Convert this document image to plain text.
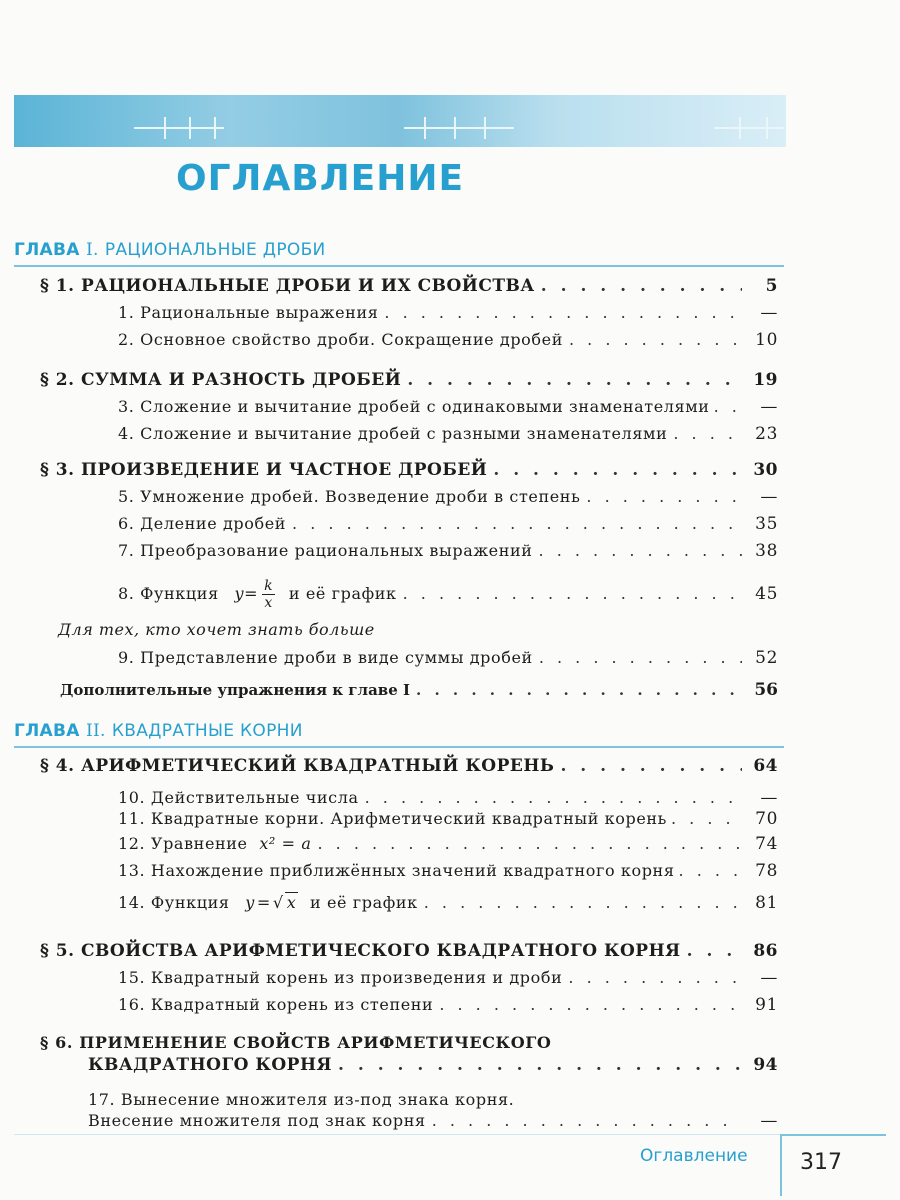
ОГЛАВЛЕНИЕ
ГЛАВА I. РАЦИОНАЛЬНЫЕ ДРОБИ
§ 1. РАЦИОНАЛЬНЫЕ ДРОБИ И ИХ СВОЙСТВА . . .	5
1. Рациональные выражения . . .	—
2. Основное свойство дроби. Сокращение дробей . . .	10
§ 2. СУММА И РАЗНОСТЬ ДРОБЕЙ . . .	19
3. Сложение и вычитание дробей с одинаковыми знаменателями . . .	—
4. Сложение и вычитание дробей с разными знаменателями . . .	23
§ 3. ПРОИЗВЕДЕНИЕ И ЧАСТНОЕ ДРОБЕЙ . . .	30
5. Умножение дробей. Возведение дроби в степень . . .	—
6. Деление дробей . . .	35
7. Преобразование рациональных выражений . . .	38
8. Функция $y= \frac{k}{x}$ и её график . . .	45
Для тех, кто хочет знать больше
9. Представление дроби в виде суммы дробей . . .	52
Дополнительные упражнения к главе I . . .	56
ГЛАВА II. КВАДРАТНЫЕ КОРНИ
§ 4. АРИФМЕТИЧЕСКИЙ КВАДРАТНЫЙ КОРЕНЬ . . .	64
10. Действительные числа . . .	—
11. Квадратные корни. Арифметический квадратный корень . . .	70
12. Уравнение x² = a . . .	74
13. Нахождение приближённых значений квадратного корня . . .	78
14. Функция y = √ x и её график . . .	81
§ 5. СВОЙСТВА АРИФМЕТИЧЕСКОГО КВАДРАТНОГО КОРНЯ . . .	86
15. Квадратный корень из произведения и дроби . . .	—
16. Квадратный корень из степени . . .	91
§ 6. ПРИМЕНЕНИЕ СВОЙСТВ АРИФМЕТИЧЕСКОГО
КВАДРАТНОГО КОРНЯ . . .	94
17. Вынесение множителя из-под знака корня.
Внесение множителя под знак корня . . .	—
Оглавление 317
